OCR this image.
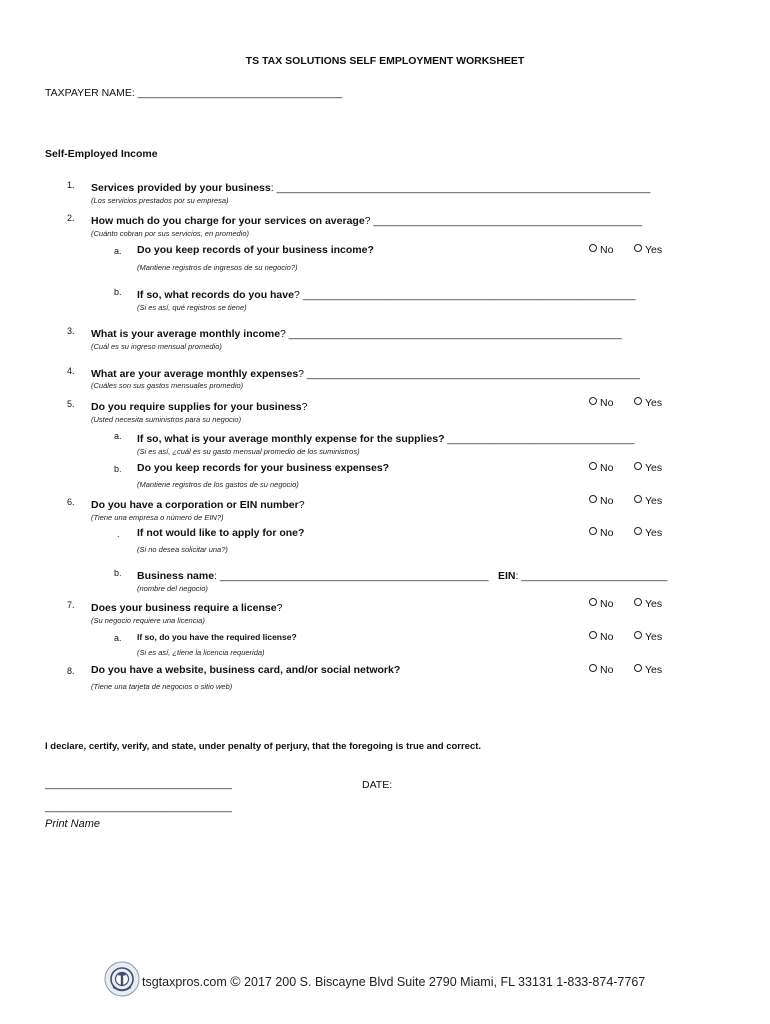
TS TAX SOLUTIONS SELF EMPLOYMENT WORKSHEET
TAXPAYER NAME: ___________________________________
Self-Employed Income
1. Services provided by your business: ________________________________________________________________
(Los servicios prestados por su empresa)
2. How much do you charge for your services on average? ______________________________________________
(Cuánto cobran por sus servicios, en promedio)
a. Do you keep records of your business income?	No	Yes
(Mantiene registros de ingresos de su negocio?)
b. If so, what records do you have? _________________________________________________________
(Si es así, qué registros se tiene)
3. What is your average monthly income? _________________________________________________________
(Cuál es su ingreso mensual promedio)
4. What are your average monthly expenses? _________________________________________________________
(Cuáles son sus gastos mensuales promedio)
5. Do you require supplies for your business?	No	Yes
(Usted necesita suministros para su negocio)
a. If so, what is your average monthly expense for the supplies? ________________________________
(Si es así, ¿cuál es su gasto mensual promedio de los suministros)
b. Do you keep records for your business expenses?	No	Yes
(Mantiene registros de los gastos de su negocio)
6. Do you have a corporation or EIN number?	No	Yes
(Tiene una empresa o número de EIN?)
. If not would like to apply for one?	No	Yes
(Si no desea solicitar una?)
b. Business name: ______________________________________________ EIN: _________________________
(nombre del negocio)
7. Does your business require a license?	No	Yes
(Su negocio requiere una licencia)
a. If so, do you have the required license?	No	Yes
(Si es así, ¿tiene la licencia requerida)
8. Do you have a website, business card, and/or social network?	No	Yes
(Tiene una tarjeta de negocios o sitio web)
I declare, certify, verify, and state, under penalty of perjury, that the foregoing is true and correct.
________________________________	DATE:
________________________________
Print Name
tsgtaxpros.com © 2017 200 S. Biscayne Blvd Suite 2790 Miami, FL 33131 1-833-874-7767
